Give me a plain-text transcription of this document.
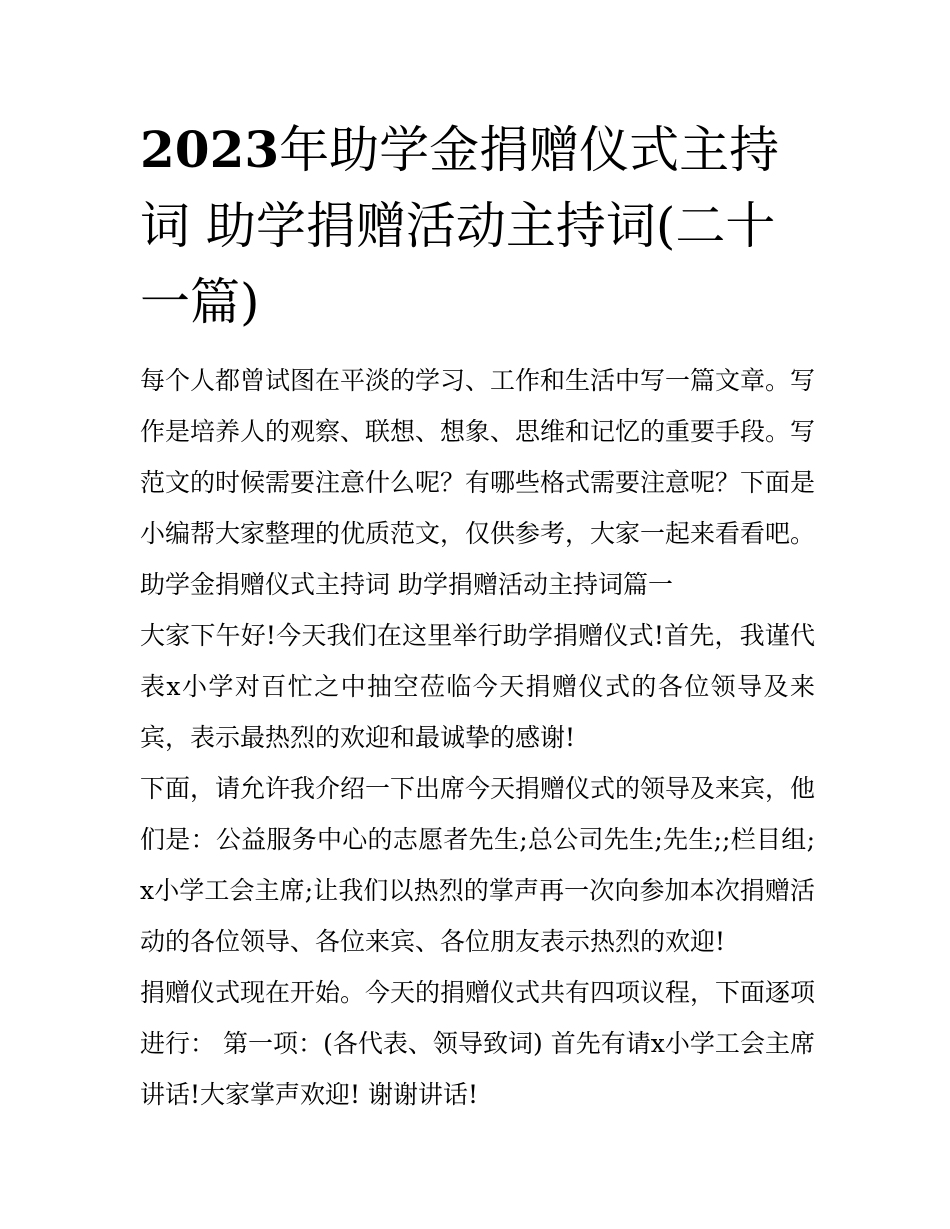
2023年助学金捐赠仪式主持词 助学捐赠活动主持词(二十一篇)

每个人都曾试图在平淡的学习、工作和生活中写一篇文章。写作是培养人的观察、联想、想象、思维和记忆的重要手段。写范文的时候需要注意什么呢？有哪些格式需要注意呢？下面是小编帮大家整理的优质范文，仅供参考，大家一起来看看吧。

助学金捐赠仪式主持词 助学捐赠活动主持词篇一

大家下午好!今天我们在这里举行助学捐赠仪式!首先，我谨代表x小学对百忙之中抽空莅临今天捐赠仪式的各位领导及来宾，表示最热烈的欢迎和最诚挚的感谢!

下面，请允许我介绍一下出席今天捐赠仪式的领导及来宾，他们是：公益服务中心的志愿者先生;总公司先生;先生;;栏目组;x小学工会主席;让我们以热烈的掌声再一次向参加本次捐赠活动的各位领导、各位来宾、各位朋友表示热烈的欢迎!

捐赠仪式现在开始。今天的捐赠仪式共有四项议程，下面逐项进行： 第一项：(各代表、领导致词) 首先有请x小学工会主席讲话!大家掌声欢迎! 谢谢讲话!
